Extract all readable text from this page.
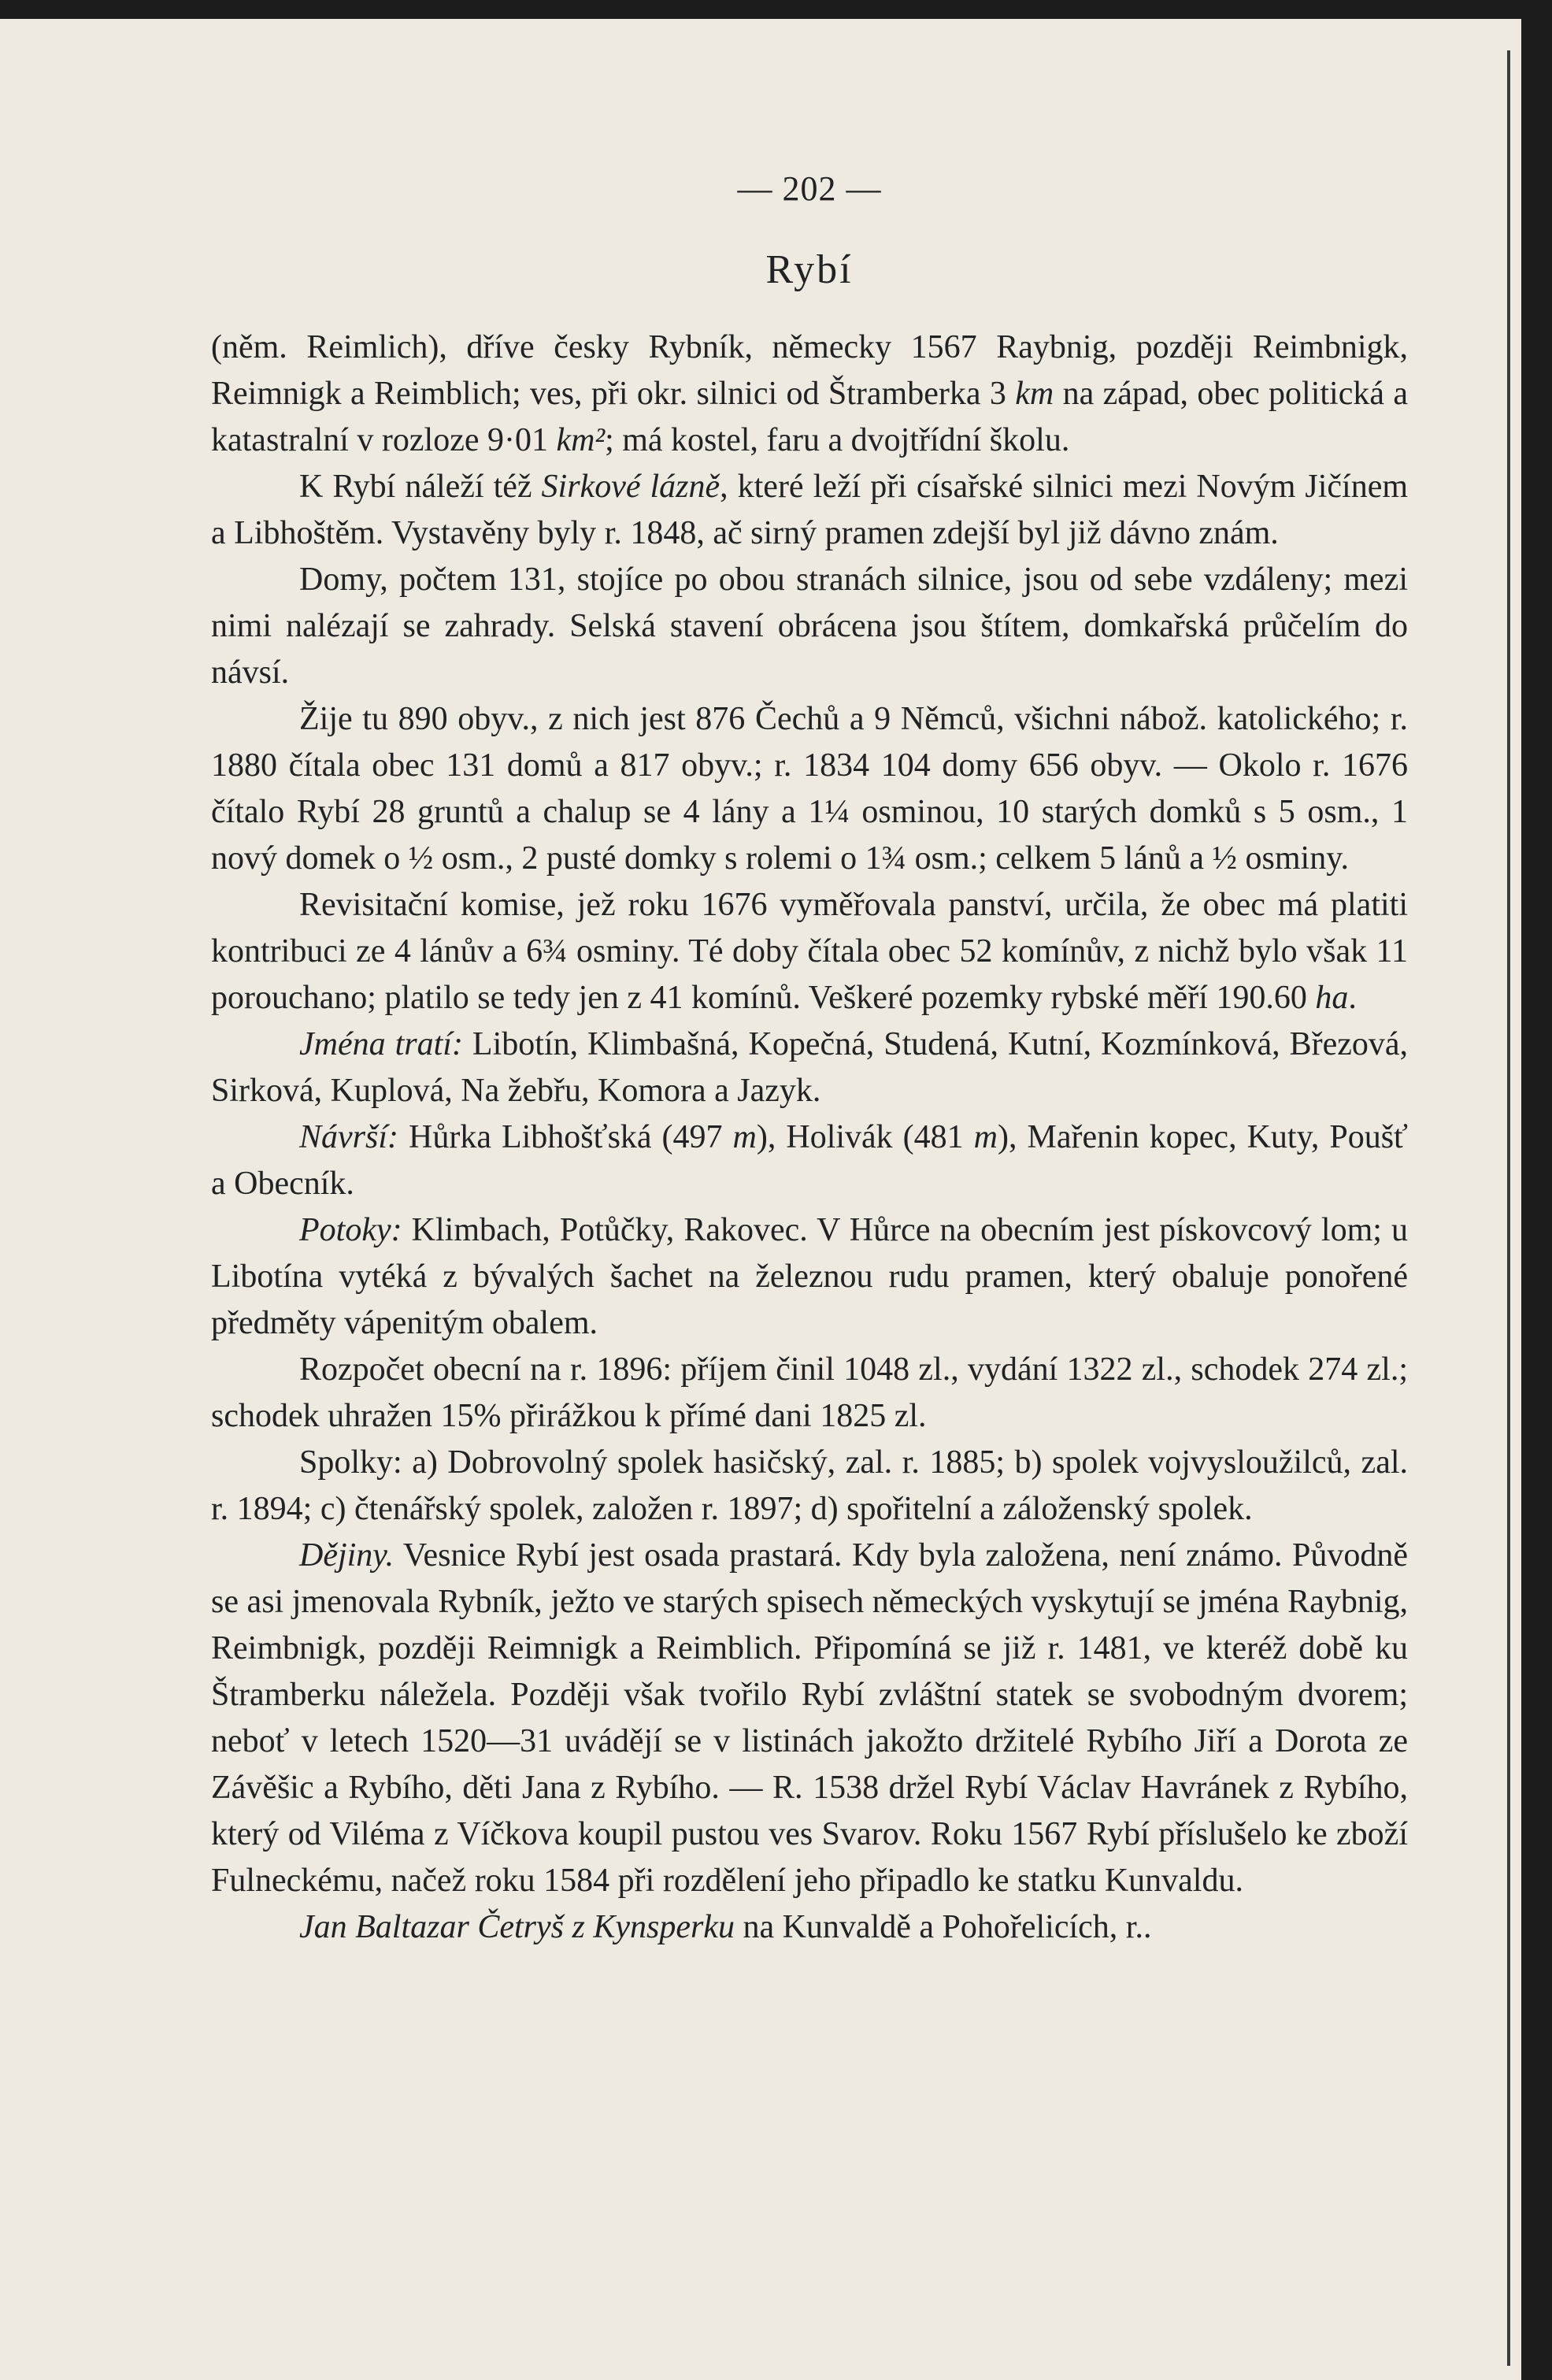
— 202 —
Rybí

(něm. Reimlich), dříve česky Rybník, německy 1567 Raybnig, později Reimbnigk, Reimnigk a Reimblich; ves, při okr. silnici od Štramberka 3 km na západ, obec politická a katastralní v rozloze 9·01 km²; má kostel, faru a dvojtřídní školu.

K Rybí náleží též Sirkové lázně, které leží při císařské silnici mezi Novým Jičínem a Libhoštěm. Vystavěny byly r. 1848, ač sirný pramen zdejší byl již dávno znám.

Domy, počtem 131, stojíce po obou stranách silnice, jsou od sebe vzdáleny; mezi nimi nalézají se zahrady. Selská stavení obrácena jsou štítem, domkařská průčelím do návsí.

Žije tu 890 obyv., z nich jest 876 Čechů a 9 Němců, všichni nábož. katolického; r. 1880 čítala obec 131 domů a 817 obyv.; r. 1834 104 domy 656 obyv. — Okolo r. 1676 čítalo Rybí 28 gruntů a chalup se 4 lány a 1¼ osminou, 10 starých domků s 5 osm., 1 nový domek o ½ osm., 2 pusté domky s rolemi o 1¾ osm.; celkem 5 lánů a ½ osminy.

Revisitační komise, jež roku 1676 vyměřovala panství, určila, že obec má platiti kontribuci ze 4 lánův a 6¾ osminy. Té doby čítala obec 52 komínův, z nichž bylo však 11 porouchano; platilo se tedy jen z 41 komínů. Veškeré pozemky rybské měří 190.60 ha.

Jména tratí: Libotín, Klimbašná, Kopečná, Studená, Kutní, Kozmínková, Březová, Sirková, Kuplová, Na žebřu, Komora a Jazyk.

Návrší: Hůrka Libhošťská (497 m), Holivák (481 m), Mařenin kopec, Kuty, Poušť a Obecník.

Potoky: Klimbach, Potůčky, Rakovec. V Hůrce na obecním jest pískovcový lom; u Libotína vytéká z bývalých šachet na železnou rudu pramen, který obaluje ponořené předměty vápenitým obalem.

Rozpočet obecní na r. 1896: příjem činil 1048 zl., vydání 1322 zl., schodek 274 zl.; schodek uhražen 15% přirážkou k přímé dani 1825 zl.

Spolky: a) Dobrovolný spolek hasičský, zal. r. 1885; b) spolek vojvysloužilců, zal. r. 1894; c) čtenářský spolek, založen r. 1897; d) spořitelní a záloženský spolek.

Dějiny. Vesnice Rybí jest osada prastará. Kdy byla založena, není známo. Původně se asi jmenovala Rybník, ježto ve starých spisech německých vyskytují se jména Raybnig, Reimbnigk, později Reimnigk a Reimblich. Připomíná se již r. 1481, ve kteréž době ku Štramberku náležela. Později však tvořilo Rybí zvláštní statek se svobodným dvorem; neboť v letech 1520—31 uvádějí se v listinách jakožto držitelé Rybího Jiří a Dorota ze Závěšic a Rybího, děti Jana z Rybího. — R. 1538 držel Rybí Václav Havránek z Rybího, který od Viléma z Víčkova koupil pustou ves Svarov. Roku 1567 Rybí příslušelo ke zboží Fulneckému, načež roku 1584 při rozdělení jeho připadlo ke statku Kunvaldu.

Jan Baltazar Četryš z Kynsperku na Kunvaldě a Pohořelicích, r..
